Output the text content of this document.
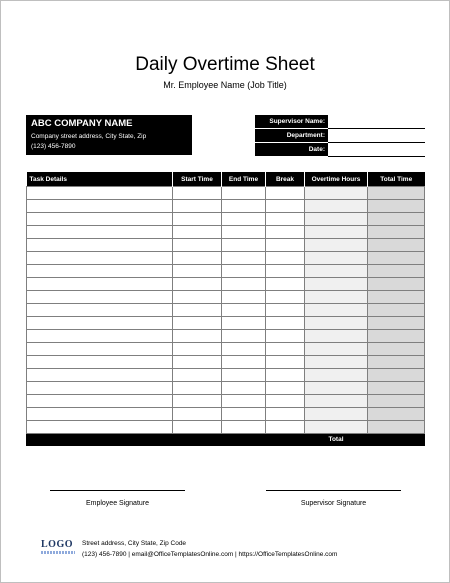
Daily Overtime Sheet
Mr. Employee Name (Job Title)
ABC COMPANY NAME
Company street address, City State, Zip
(123) 456-7890
Supervisor Name:	
Department:	
Date:	
Task Details	Start Time	End Time	Break	Overtime Hours	Total Time

				Total	
Employee Signature	Supervisor Signature
LOGO Street address, City State, Zip Code
(123) 456-7890 | email@OfficeTemplatesOnline.com | https://OfficeTemplatesOnline.com
